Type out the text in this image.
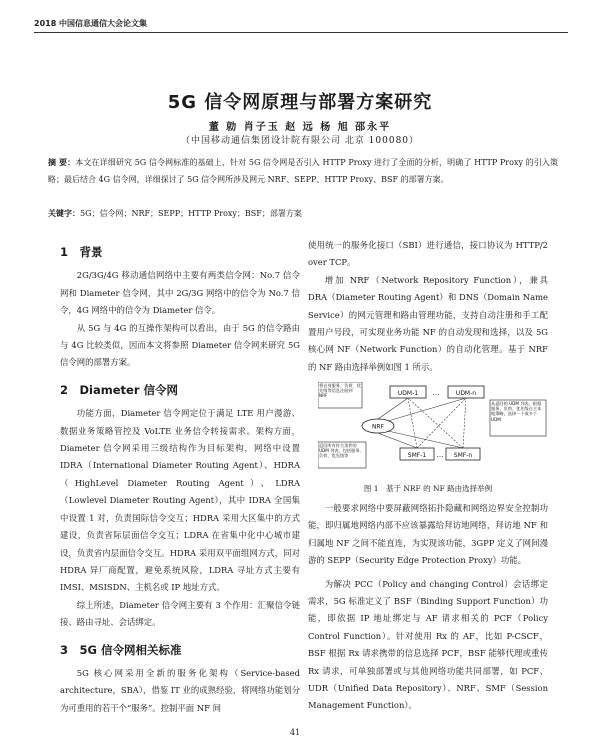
2018 中国信息通信大会论文集
5G 信令网原理与部署方案研究
董 勍 肖子玉 赵 远 杨 旭 邵永平
（中国移动通信集团设计院有限公司 北京 100080）
摘 要：本文在详细研究 5G 信令网标准的基础上，针对 5G 信令网是否引入 HTTP Proxy 进行了全面的分析，明确了 HTTP Proxy 的引入策略；最后结合 4G 信令网，详细探讨了 5G 信令网所涉及网元 NRF、SEPP、HTTP Proxy、BSF 的部署方案。
关键字：5G；信令网；NRF；SEPP；HTTP Proxy；BSF；部署方案
1　背景

2G/3G/4G 移动通信网络中主要有两类信令网：No.7 信令网和 Diameter 信令网，其中 2G/3G 网络中的信令为 No.7 信令，4G 网络中的信令为 Diameter 信令。

从 5G 与 4G 的互操作架构可以看出，由于 5G 的信令路由与 4G 比较类似，因而本文将参照 Diameter 信令网来研究 5G 信令网的部署方案。

2　Diameter 信令网

功能方面，Diameter 信令网定位于满足 LTE 用户漫游、数据业务策略管控及 VoLTE 业务信令转接需求。架构方面，Diameter 信令网采用三级结构作为目标架构，网络中设置 IDRA（International Diameter Routing Agent）、HDRA（HighLevel Diameter Routing Agent）、LDRA（Lowlevel Diameter Routing Agent），其中 IDRA 全国集中设置 1 对，负责国际信令交互；HDRA 采用大区集中的方式建设，负责省际层面信令交互；LDRA 在省集中化中心城市建设，负责省内层面信令交互。HDRA 采用双平面组网方式，同对 HDRA 异厂商配置，避免系统风险，LDRA 寻址方式主要有 IMSI、MSISDN、主机名或 IP 地址方式。

综上所述，Diameter 信令网主要有 3 个作用：汇聚信令链接、路由寻址、会话绑定。

3　5G 信令网相关标准

5G 核心网采用全新的服务化架构（Service-based architecture，SBA），借鉴 IT 业的成熟经验，将网络功能划分为可重用的若干个“服务”。控制平面 NF 间

使用统一的服务化接口（SBI）进行通信，接口协议为 HTTP/2 over TCP。

增加 NRF（Network Repository Function），兼具 DRA（Diameter Routing Agent）和 DNS（Domain Name Service）的网元管理和路由管理功能，支持自动注册和手工配置用户号段，可实现业务功能 NF 的自动发现和选择，以及 5G 核心网 NF（Network Function）的自动化管理。基于 NRF 的 NF 路由选择举例如图 1 所示。

UDM-1 …	UDM-n
NRF
SMF-1 … SMF-n
将自身服务、负荷、优先级等信息注册到 NRF
从返回的 UDM 列表，根据服务、负荷、优先级自主本地策略，选择一个或多个 UDM
返回所有符合条件的 UDM 列表，包括服务、负荷、优先级等
图 1　基于 NRF 的 NF 路由选择举例

一般要求网络中要屏蔽网络拓扑隐藏和网络边界安全控制功能，即归属地网络内部不应该暴露给拜访地网络，拜访地 NF 和归属地 NF 之间不能直连，为实现该功能，3GPP 定义了网间漫游的 SEPP（Security Edge Protection Proxy）功能。

为解决 PCC（Policy and changing Control）会话绑定需求，5G 标准定义了 BSF（Binding Support Function）功能，即依据 IP 地址绑定与 AF 请求相关的 PCF（Policy Control Function）。针对使用 Rx 的 AF，比如 P-CSCF，BSF 根据 Rx 请求携带的信息选择 PCF，BSF 能够代理或重传 Rx 请求，可单独部署或与其他网络功能共同部署，如 PCF、UDR（Unified Data Repository）、NRF、SMF（Session Management Function）。

41
